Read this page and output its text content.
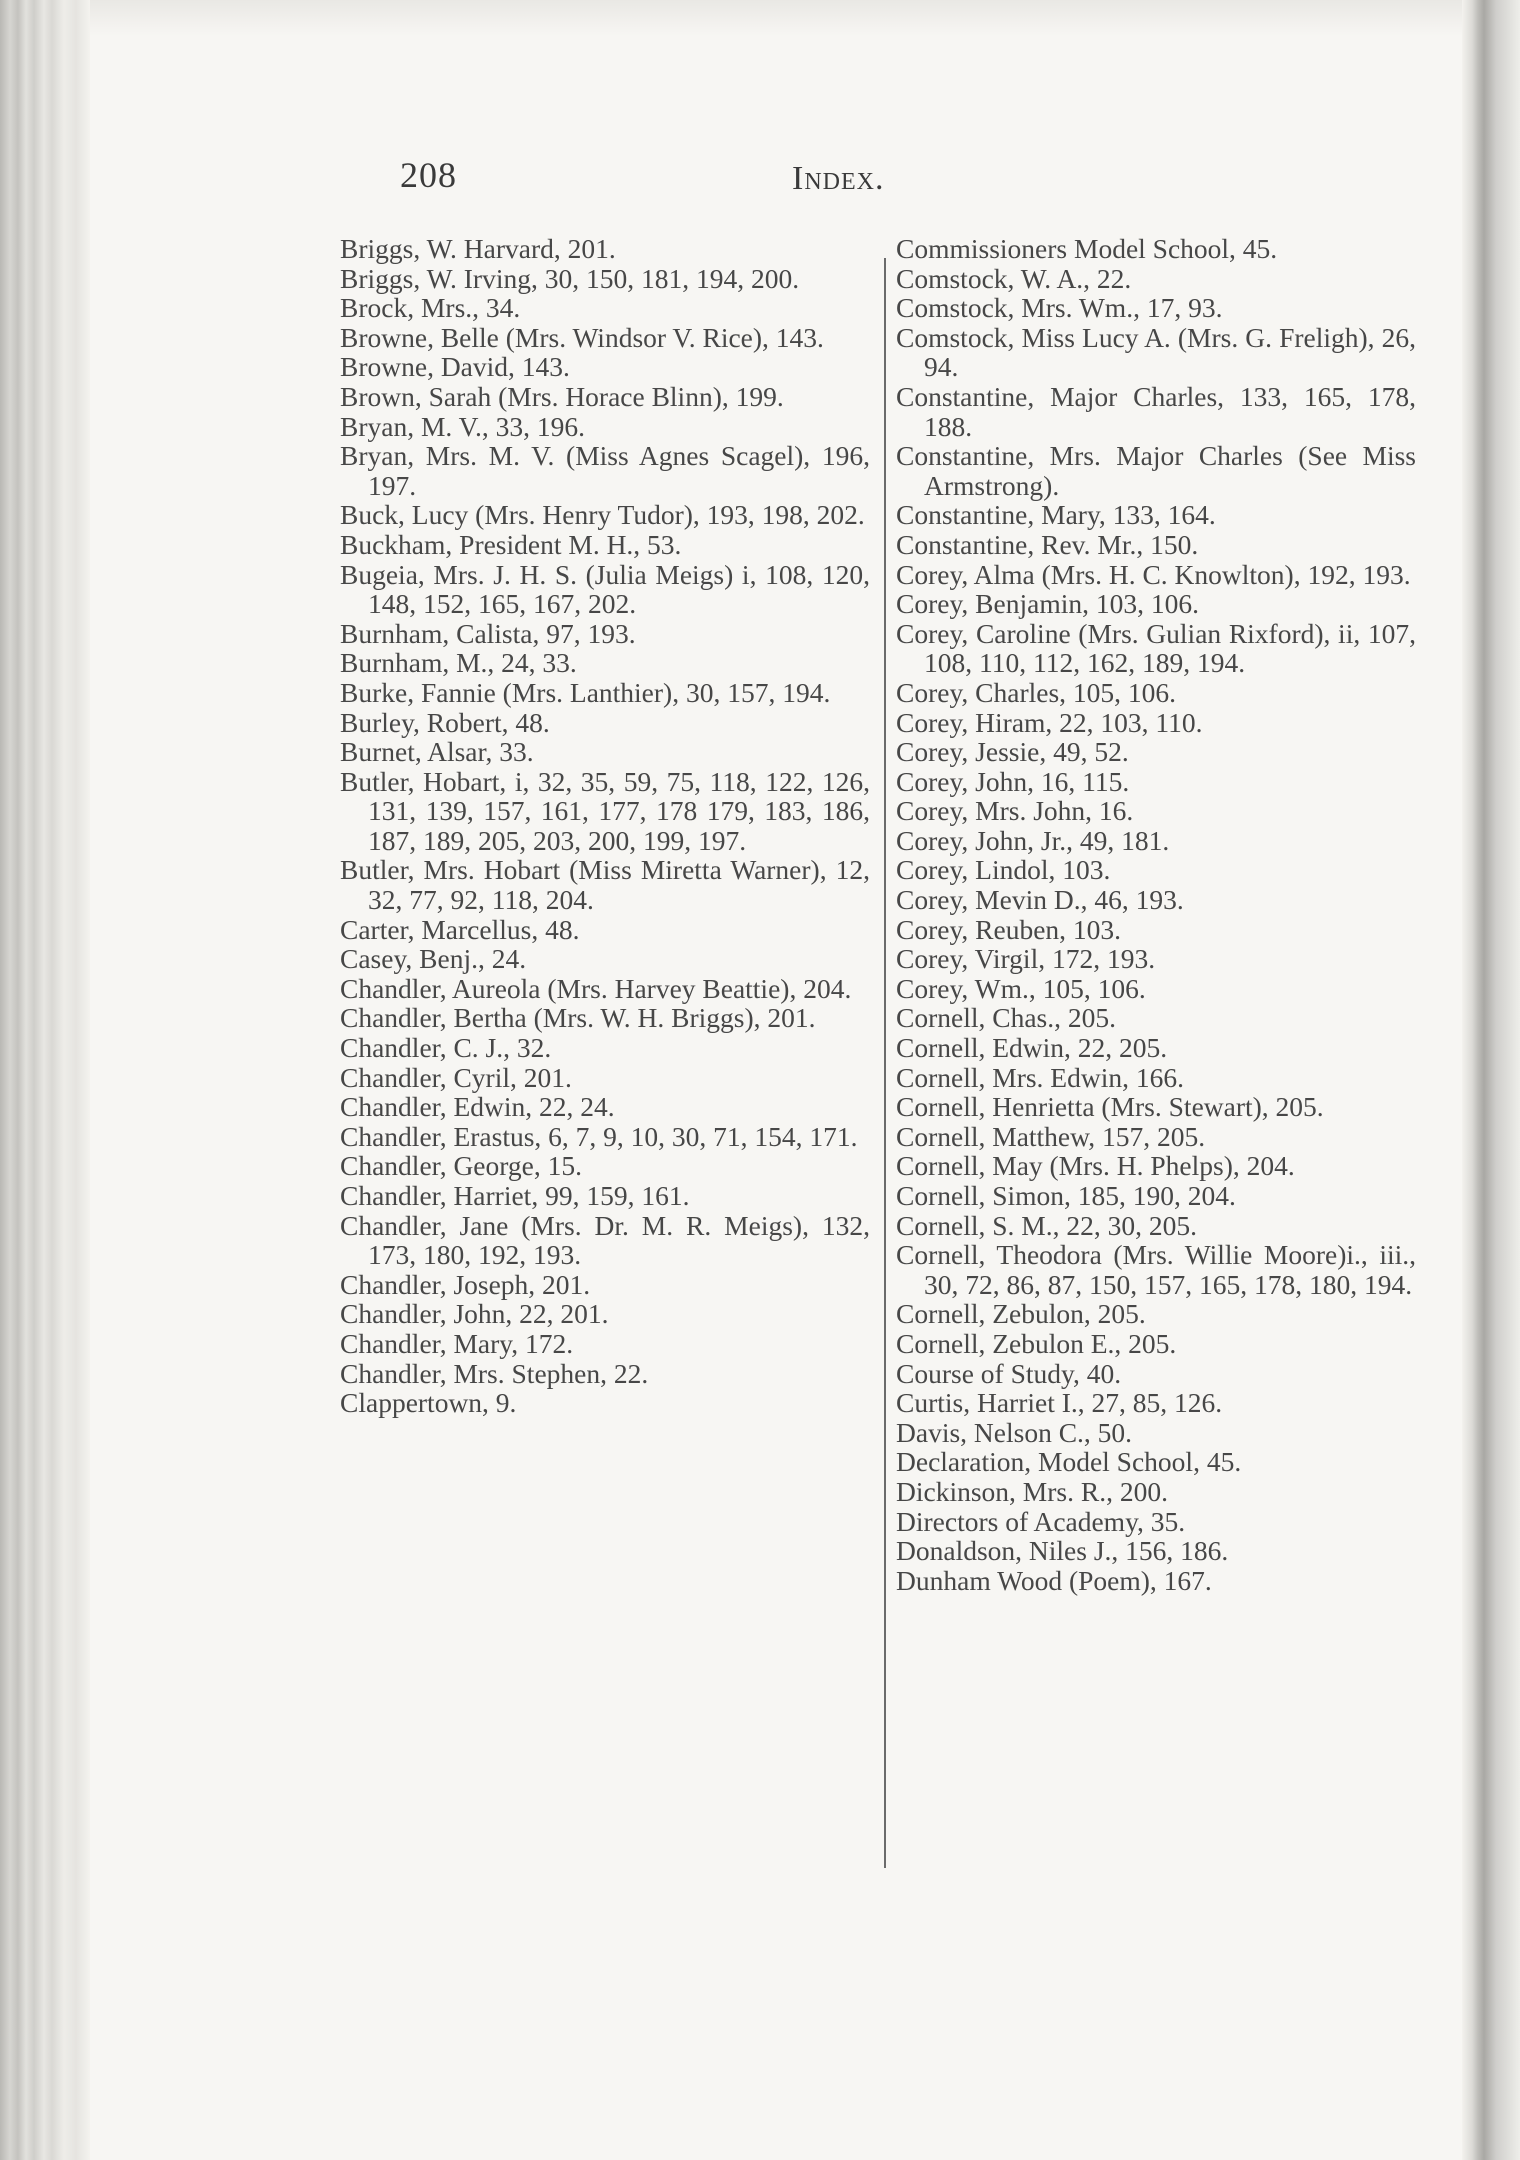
208	Index.
Briggs, W. Harvard, 201.
Briggs, W. Irving, 30, 150, 181, 194, 200.
Brock, Mrs., 34.
Browne, Belle (Mrs. Windsor V. Rice), 143.
Browne, David, 143.
Brown, Sarah (Mrs. Horace Blinn), 199.
Bryan, M. V., 33, 196.
Bryan, Mrs. M. V. (Miss Agnes Scagel), 196, 197.
Buck, Lucy (Mrs. Henry Tudor), 193, 198, 202.
Buckham, President M. H., 53.
Bugeia, Mrs. J. H. S. (Julia Meigs) i, 108, 120, 148, 152, 165, 167, 202.
Burnham, Calista, 97, 193.
Burnham, M., 24, 33.
Burke, Fannie (Mrs. Lanthier), 30, 157, 194.
Burley, Robert, 48.
Burnet, Alsar, 33.
Butler, Hobart, i, 32, 35, 59, 75, 118, 122, 126, 131, 139, 157, 161, 177, 178 179, 183, 186, 187, 189, 205, 203, 200, 199, 197.
Butler, Mrs. Hobart (Miss Miretta Warner), 12, 32, 77, 92, 118, 204.
Carter, Marcellus, 48.
Casey, Benj., 24.
Chandler, Aureola (Mrs. Harvey Beattie), 204.
Chandler, Bertha (Mrs. W. H. Briggs), 201.
Chandler, C. J., 32.
Chandler, Cyril, 201.
Chandler, Edwin, 22, 24.
Chandler, Erastus, 6, 7, 9, 10, 30, 71, 154, 171.
Chandler, George, 15.
Chandler, Harriet, 99, 159, 161.
Chandler, Jane (Mrs. Dr. M. R. Meigs), 132, 173, 180, 192, 193.
Chandler, Joseph, 201.
Chandler, John, 22, 201.
Chandler, Mary, 172.
Chandler, Mrs. Stephen, 22.
Clappertown, 9.
Commissioners Model School, 45.
Comstock, W. A., 22.
Comstock, Mrs. Wm., 17, 93.
Comstock, Miss Lucy A. (Mrs. G. Freligh), 26, 94.
Constantine, Major Charles, 133, 165, 178, 188.
Constantine, Mrs. Major Charles (See Miss Armstrong).
Constantine, Mary, 133, 164.
Constantine, Rev. Mr., 150.
Corey, Alma (Mrs. H. C. Knowlton), 192, 193.
Corey, Benjamin, 103, 106.
Corey, Caroline (Mrs. Gulian Rixford), ii, 107, 108, 110, 112, 162, 189, 194.
Corey, Charles, 105, 106.
Corey, Hiram, 22, 103, 110.
Corey, Jessie, 49, 52.
Corey, John, 16, 115.
Corey, Mrs. John, 16.
Corey, John, Jr., 49, 181.
Corey, Lindol, 103.
Corey, Mevin D., 46, 193.
Corey, Reuben, 103.
Corey, Virgil, 172, 193.
Corey, Wm., 105, 106.
Cornell, Chas., 205.
Cornell, Edwin, 22, 205.
Cornell, Mrs. Edwin, 166.
Cornell, Henrietta (Mrs. Stewart), 205.
Cornell, Matthew, 157, 205.
Cornell, May (Mrs. H. Phelps), 204.
Cornell, Simon, 185, 190, 204.
Cornell, S. M., 22, 30, 205.
Cornell, Theodora (Mrs. Willie Moore)i., iii., 30, 72, 86, 87, 150, 157, 165, 178, 180, 194.
Cornell, Zebulon, 205.
Cornell, Zebulon E., 205.
Course of Study, 40.
Curtis, Harriet I., 27, 85, 126.
Davis, Nelson C., 50.
Declaration, Model School, 45.
Dickinson, Mrs. R., 200.
Directors of Academy, 35.
Donaldson, Niles J., 156, 186.
Dunham Wood (Poem), 167.
